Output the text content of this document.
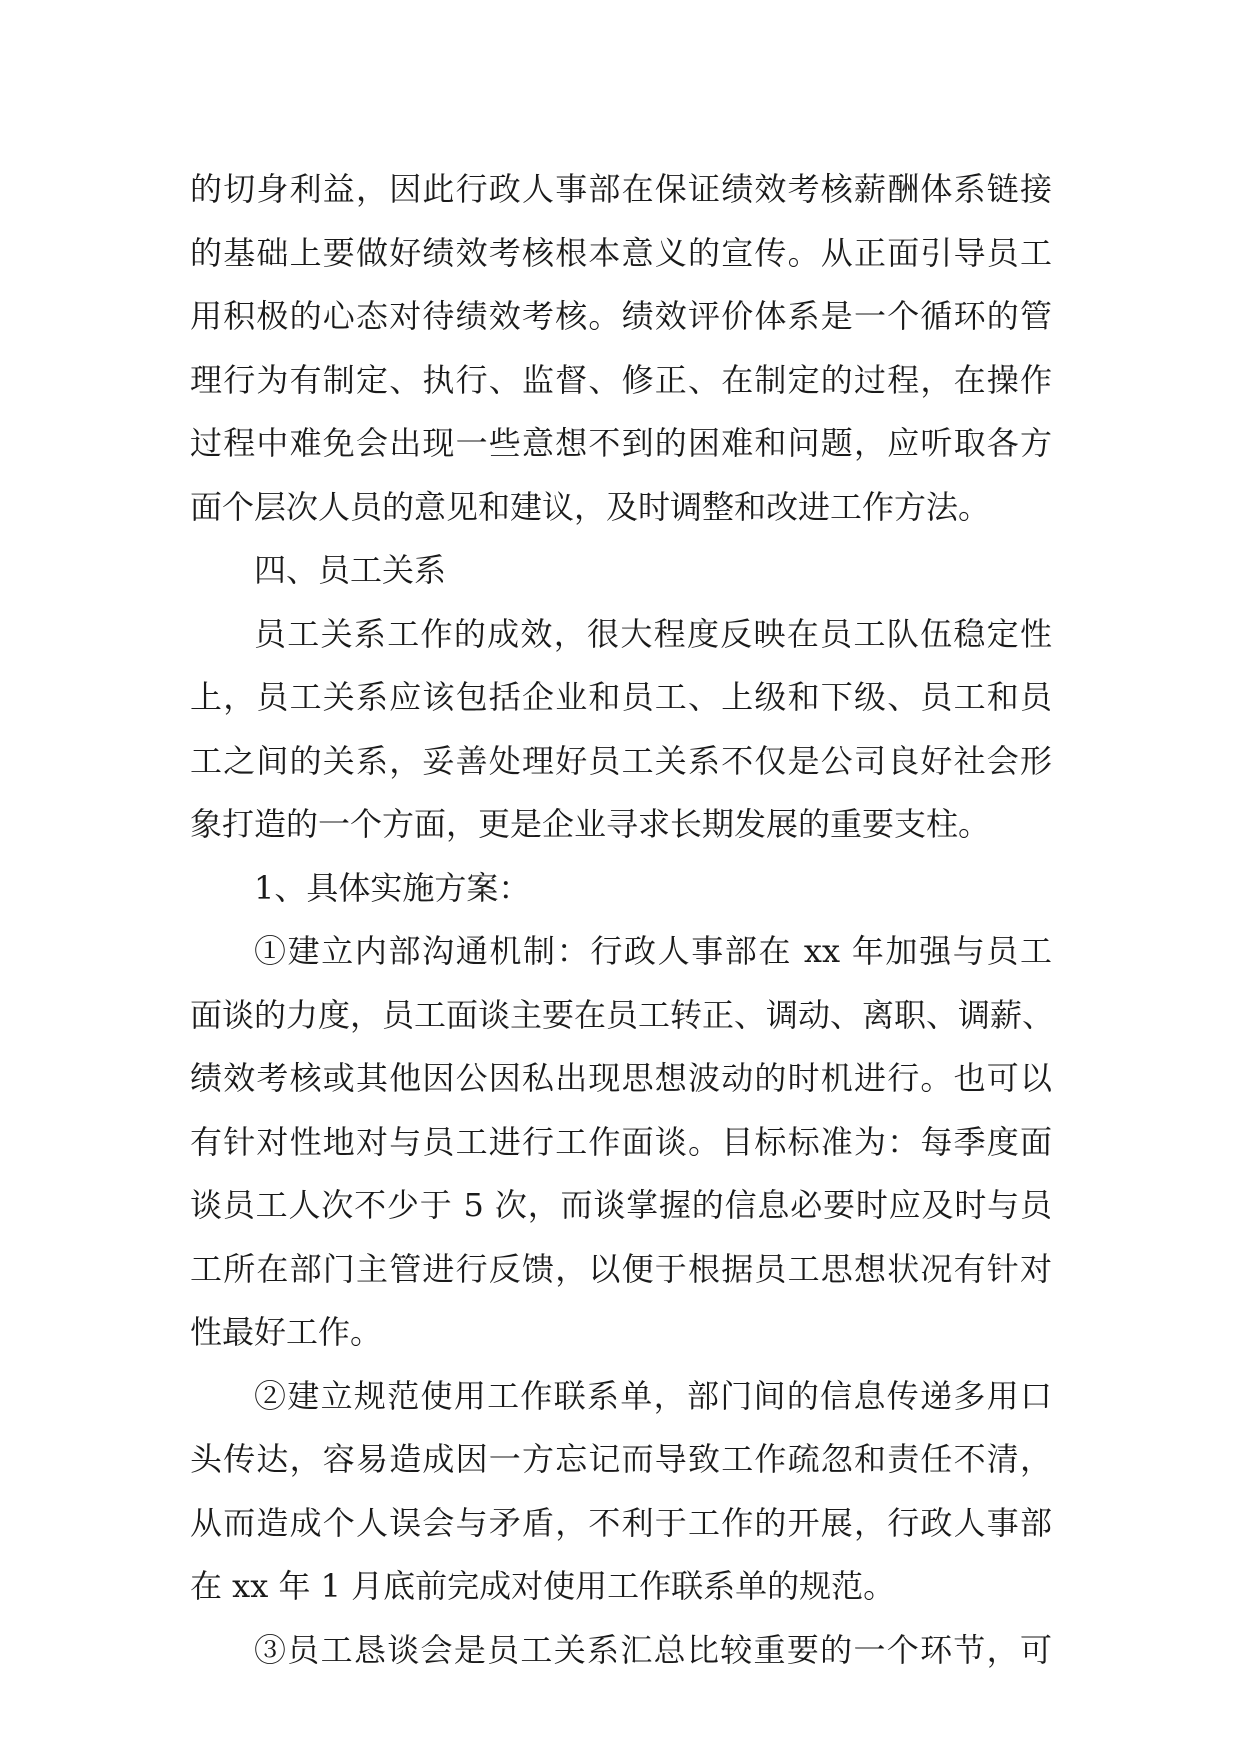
的切身利益，因此行政人事部在保证绩效考核薪酬体系链接
的基础上要做好绩效考核根本意义的宣传。从正面引导员工
用积极的心态对待绩效考核。绩效评价体系是一个循环的管
理行为有制定、执行、监督、修正、在制定的过程，在操作
过程中难免会出现一些意想不到的困难和问题，应听取各方
面个层次人员的意见和建议，及时调整和改进工作方法。
四、员工关系
员工关系工作的成效，很大程度反映在员工队伍稳定性
上，员工关系应该包括企业和员工、上级和下级、员工和员
工之间的关系，妥善处理好员工关系不仅是公司良好社会形
象打造的一个方面，更是企业寻求长期发展的重要支柱。
1、具体实施方案：
①建立内部沟通机制：行政人事部在 xx 年加强与员工
面谈的力度，员工面谈主要在员工转正、调动、离职、调薪、
绩效考核或其他因公因私出现思想波动的时机进行。也可以
有针对性地对与员工进行工作面谈。目标标准为：每季度面
谈员工人次不少于 5 次，而谈掌握的信息必要时应及时与员
工所在部门主管进行反馈，以便于根据员工思想状况有针对
性最好工作。
②建立规范使用工作联系单，部门间的信息传递多用口
头传达，容易造成因一方忘记而导致工作疏忽和责任不清，
从而造成个人误会与矛盾，不利于工作的开展，行政人事部
在 xx 年 1 月底前完成对使用工作联系单的规范。
③员工恳谈会是员工关系汇总比较重要的一个环节，可
